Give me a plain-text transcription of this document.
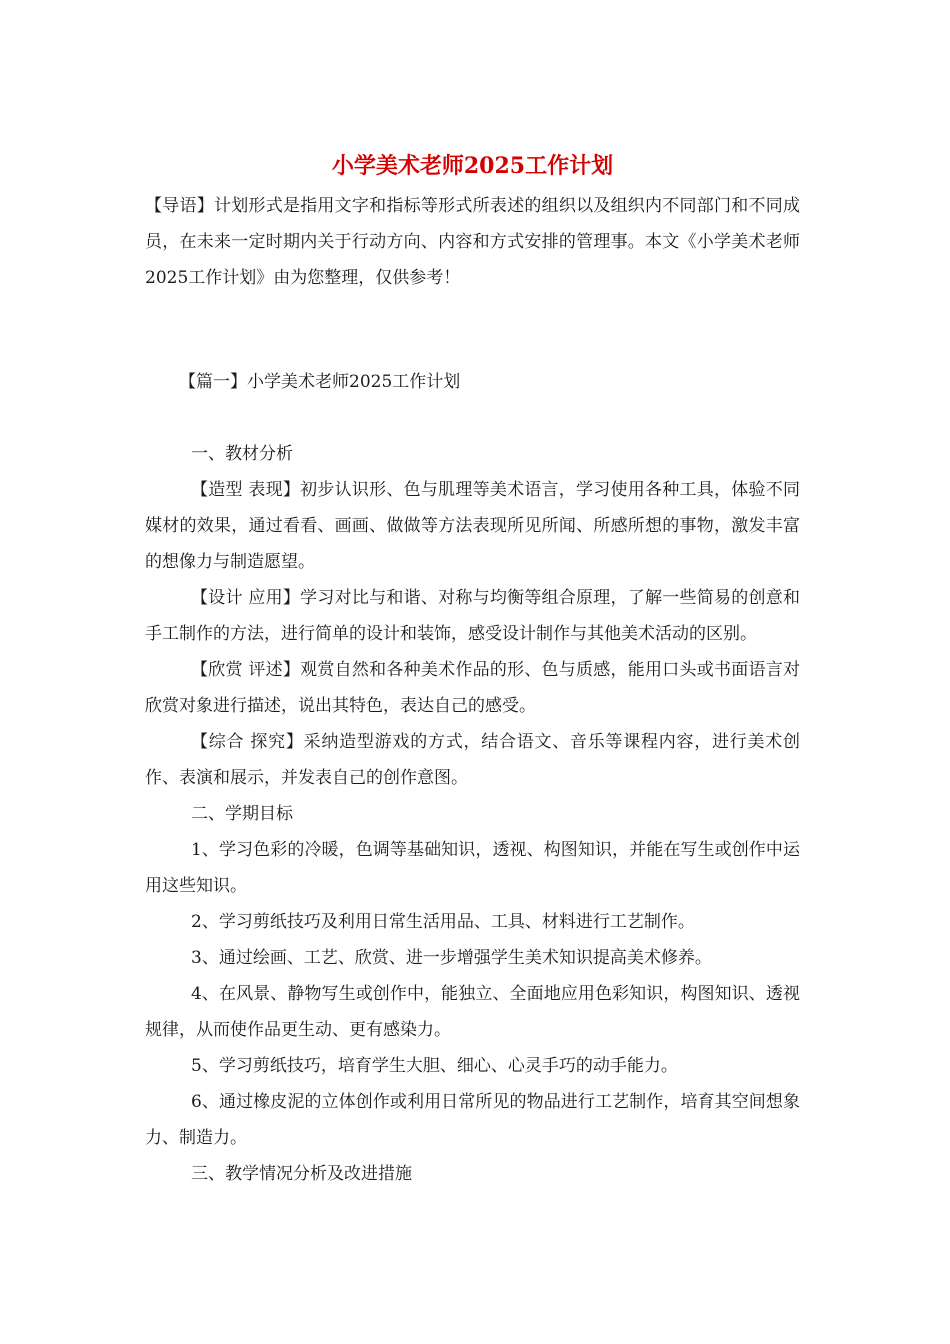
小学美术老师2025工作计划

【导语】计划形式是指用文字和指标等形式所表述的组织以及组织内不同部门和不同成员，在未来一定时期内关于行动方向、内容和方式安排的管理事。本文《小学美术老师2025工作计划》由为您整理，仅供参考！

【篇一】小学美术老师2025工作计划

一、教材分析

【造型 表现】初步认识形、色与肌理等美术语言，学习使用各种工具，体验不同媒材的效果，通过看看、画画、做做等方法表现所见所闻、所感所想的事物，激发丰富的想像力与制造愿望。

【设计 应用】学习对比与和谐、对称与均衡等组合原理，了解一些简易的创意和手工制作的方法，进行简单的设计和装饰，感受设计制作与其他美术活动的区别。

【欣赏 评述】观赏自然和各种美术作品的形、色与质感，能用口头或书面语言对欣赏对象进行描述，说出其特色，表达自己的感受。

【综合 探究】采纳造型游戏的方式，结合语文、音乐等课程内容，进行美术创作、表演和展示，并发表自己的创作意图。

二、学期目标

1、学习色彩的冷暖，色调等基础知识，透视、构图知识，并能在写生或创作中运用这些知识。

2、学习剪纸技巧及利用日常生活用品、工具、材料进行工艺制作。

3、通过绘画、工艺、欣赏、进一步增强学生美术知识提高美术修养。

4、在风景、静物写生或创作中，能独立、全面地应用色彩知识，构图知识、透视规律，从而使作品更生动、更有感染力。

5、学习剪纸技巧，培育学生大胆、细心、心灵手巧的动手能力。

6、通过橡皮泥的立体创作或利用日常所见的物品进行工艺制作，培育其空间想象力、制造力。

三、教学情况分析及改进措施
